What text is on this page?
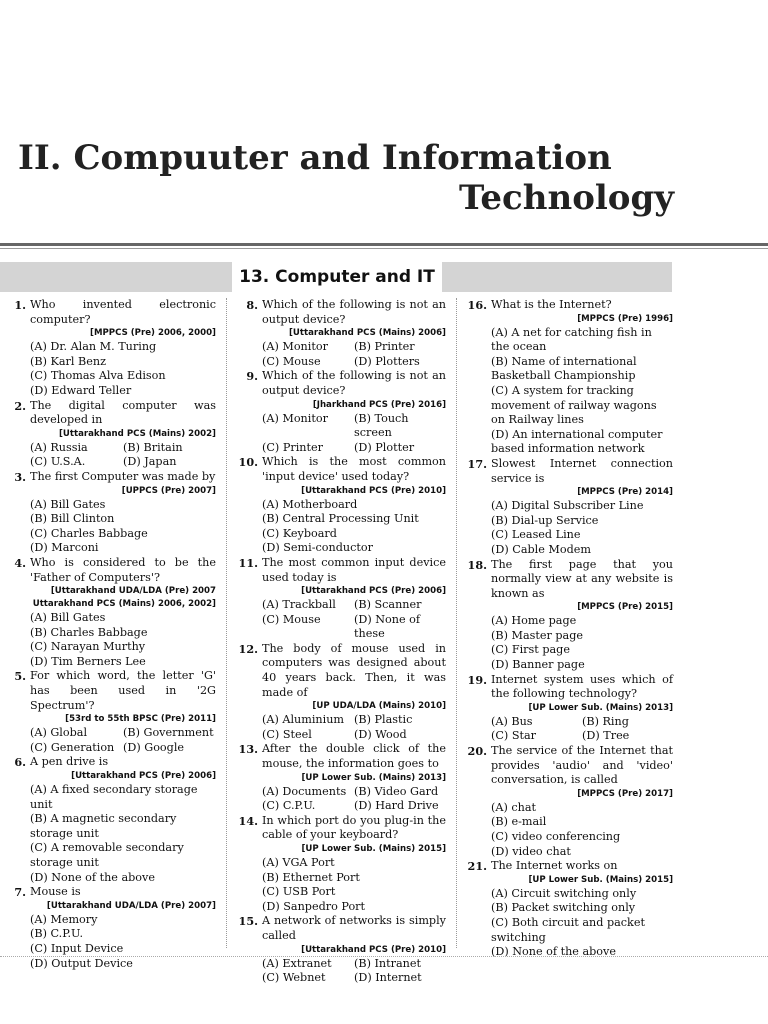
II. Compuuter and Information
Technology
13. Computer and IT
1. Who invented electronic computer?
[MPPCS (Pre) 2006, 2000]
(A) Dr. Alan M. Turing
(B) Karl Benz
(C) Thomas Alva Edison
(D) Edward Teller
2. The digital computer was developed in
[Uttarakhand PCS (Mains) 2002]
(A) Russia	(B) Britain
(C) U.S.A.	(D) Japan
3. The first Computer was made by
[UPPCS (Pre) 2007]
(A) Bill Gates
(B) Bill Clinton
(C) Charles Babbage
(D) Marconi
4. Who is considered to be the 'Father of Computers'?
[Uttarakhand UDA/LDA (Pre) 2007 Uttarakhand PCS (Mains) 2006, 2002]
(A) Bill Gates
(B) Charles Babbage
(C) Narayan Murthy
(D) Tim Berners Lee
5. For which word, the letter 'G' has been used in '2G Spectrum'?
[53rd to 55th BPSC (Pre) 2011]
(A) Global	(B) Government
(C) Generation (D) Google
6. A pen drive is
[Uttarakhand PCS (Pre) 2006]
(A) A fixed secondary storage unit
(B) A magnetic secondary storage unit
(C) A removable secondary storage unit
(D) None of the above
7. Mouse is
[Uttarakhand UDA/LDA (Pre) 2007]
(A) Memory
(B) C.P.U.
(C) Input Device
(D) Output Device
8. Which of the following is not an output device?
[Uttarakhand PCS (Mains) 2006]
(A) Monitor	(B) Printer
(C) Mouse	(D) Plotters
9. Which of the following is not an output device?
[Jharkhand PCS (Pre) 2016]
(A) Monitor	(B) Touch screen
(C) Printer	(D) Plotter
10. Which is the most common 'input device' used today?
[Uttarakhand PCS (Pre) 2010]
(A) Motherboard
(B) Central Processing Unit
(C) Keyboard
(D) Semi-conductor
11. The most common input device used today is
[Uttarakhand PCS (Pre) 2006]
(A) Trackball	(B) Scanner
(C) Mouse	(D) None of these
12. The body of mouse used in computers was designed about 40 years back. Then, it was made of
[UP UDA/LDA (Mains) 2010]
(A) Aluminium (B) Plastic
(C) Steel	(D) Wood
13. After the double click of the mouse, the information goes to
[UP Lower Sub. (Mains) 2013]
(A) Documents (B) Video Gard
(C) C.P.U.	(D) Hard Drive
14. In which port do you plug-in the cable of your keyboard?
[UP Lower Sub. (Mains) 2015]
(A) VGA Port
(B) Ethernet Port
(C) USB Port
(D) Sanpedro Port
15. A network of networks is simply called
[Uttarakhand PCS (Pre) 2010]
(A) Extranet	(B) Intranet
(C) Webnet	(D) Internet
16. What is the Internet?
[MPPCS (Pre) 1996]
(A) A net for catching fish in the ocean
(B) Name of international Basketball Championship
(C) A system for tracking movement of railway wagons on Railway lines
(D) An international computer based information network
17. Slowest Internet connection service is
[MPPCS (Pre) 2014]
(A) Digital Subscriber Line
(B) Dial-up Service
(C) Leased Line
(D) Cable Modem
18. The first page that you normally view at any website is known as
[MPPCS (Pre) 2015]
(A) Home page
(B) Master page
(C) First page
(D) Banner page
19. Internet system uses which of the following technology?
[UP Lower Sub. (Mains) 2013]
(A) Bus	(B) Ring
(C) Star	(D) Tree
20. The service of the Internet that provides 'audio' and 'video' conversation, is called
[MPPCS (Pre) 2017]
(A) chat
(B) e-mail
(C) video conferencing
(D) video chat
21. The Internet works on
[UP Lower Sub. (Mains) 2015]
(A) Circuit switching only
(B) Packet switching only
(C) Both circuit and packet switching
(D) None of the above
